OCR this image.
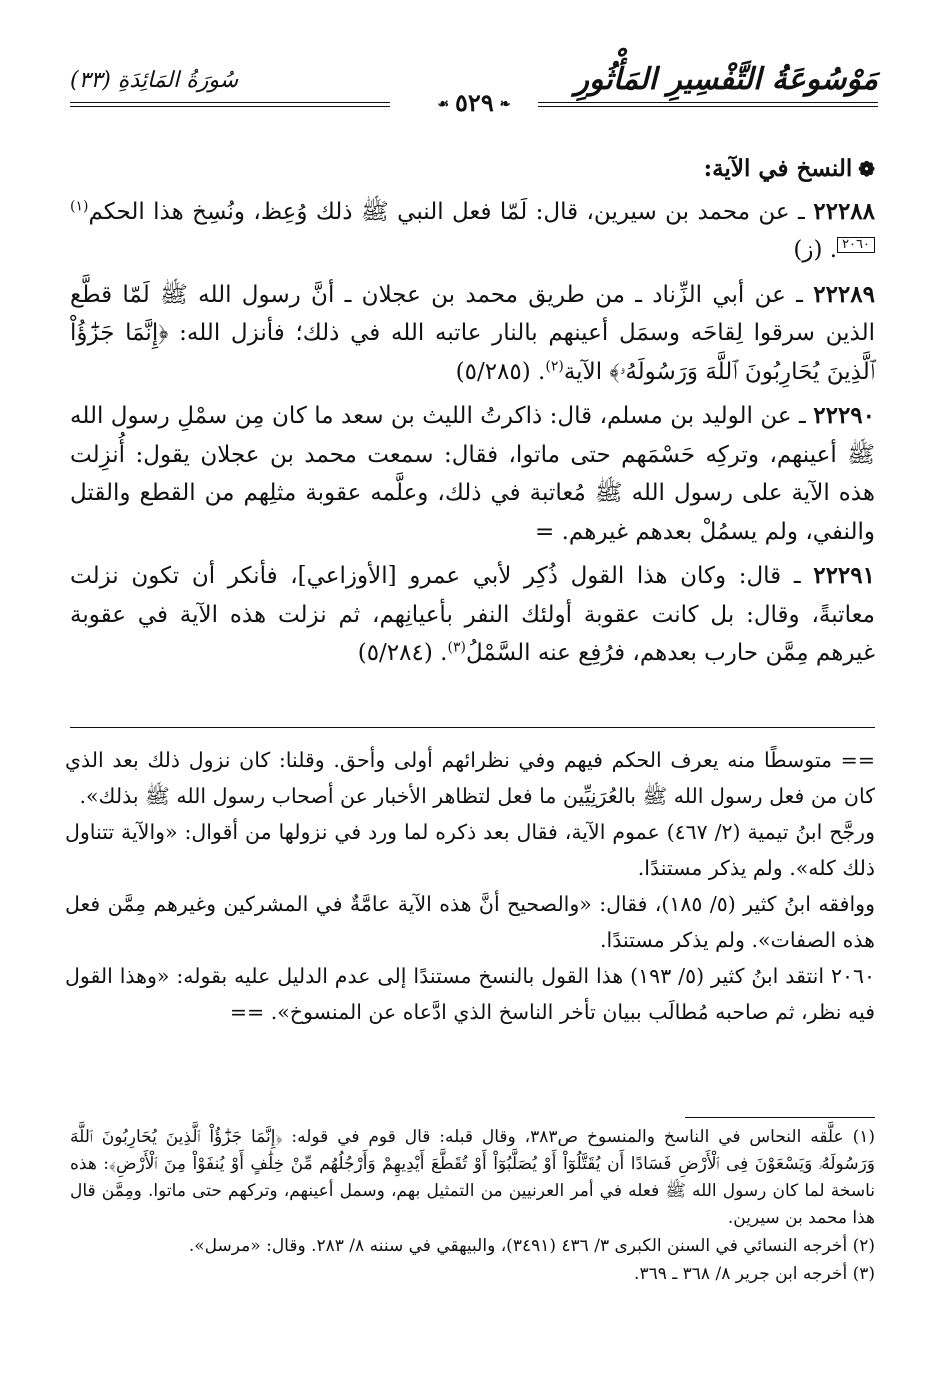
مَوْسُوعَةُ التَّفْسِيرِ المَأْثُورِ
❧٥٢٩☙
سُورَةُ المَائِدَةِ (٣٣)
❁النسخ في الآية:

٢٢٢٨٨ ـ عن محمد بن سيرين، قال: لَمّا فعل النبي ﷺ ذلك وُعِظ، ونُسِخ هذا الحكم$^{(١)}$٢٠٦٠. (ز)

٢٢٢٨٩ ـ عن أبي الزِّناد ـ من طريق محمد بن عجلان ـ أنَّ رسول الله ﷺ لَمّا قطَّع الذين سرقوا لِقاحَه وسمَل أعينهم بالنار عاتبه الله في ذلك؛ فأنزل الله: ﴿إِنَّمَا جَزَٰٓؤُاْ ٱلَّذِينَ يُحَارِبُونَ ٱللَّهَ وَرَسُولَهُۥ﴾ الآية$^{(٢)}$. (٥/٢٨٥)

٢٢٢٩٠ ـ عن الوليد بن مسلم، قال: ذاكرتُ الليث بن سعد ما كان مِن سمْلِ رسول الله ﷺ أعينهم، وتركِه حَسْمَهم حتى ماتوا، فقال: سمعت محمد بن عجلان يقول: أُنزِلت هذه الآية على رسول الله ﷺ مُعاتبة في ذلك، وعلَّمه عقوبة مثلِهم من القطع والقتل والنفي، ولم يسمُلْ بعدهم غيرهم. =

٢٢٢٩١ ـ قال: وكان هذا القول ذُكِر لأبي عمرو [الأوزاعي]، فأنكر أن تكون نزلت معاتبةً، وقال: بل كانت عقوبة أولئك النفر بأعيانِهم، ثم نزلت هذه الآية في عقوبة غيرهم مِمَّن حارب بعدهم، فرُفِع عنه السَّمْلُ$^{(٣)}$. (٥/٢٨٤)

== متوسطًا منه يعرف الحكم فيهم وفي نظرائهم أولى وأحق. وقلنا: كان نزول ذلك بعد الذي كان من فعل رسول الله ﷺ بالعُرَنِيِّين ما فعل لتظاهر الأخبار عن أصحاب رسول الله ﷺ بذلك».

ورجَّح ابنُ تيمية (٢/ ٤٦٧) عموم الآية، فقال بعد ذكره لما ورد في نزولها من أقوال: «والآية تتناول ذلك كله». ولم يذكر مستندًا.

ووافقه ابنُ كثير (٥/ ١٨٥)، فقال: «والصحيح أنَّ هذه الآية عامَّةٌ في المشركين وغيرهم مِمَّن فعل هذه الصفات». ولم يذكر مستندًا.

٢٠٦٠ انتقد ابنُ كثير (٥/ ١٩٣) هذا القول بالنسخ مستندًا إلى عدم الدليل عليه بقوله: «وهذا القول فيه نظر، ثم صاحبه مُطالَب ببيان تأخر الناسخ الذي ادَّعاه عن المنسوخ». ==

(١) علَّقه النحاس في الناسخ والمنسوخ ص٣٨٣، وقال قبله: قال قوم في قوله: ﴿إِنَّمَا جَزَٰٓؤُاْ ٱلَّذِينَ يُحَارِبُونَ ٱللَّهَ وَرَسُولَهُۥ وَيَسْعَوْنَ فِى ٱلْأَرْضِ فَسَادًا أَن يُقَتَّلُوٓاْ أَوْ يُصَلَّبُوٓاْ أَوْ تُقَطَّعَ أَيْدِيهِمْ وَأَرْجُلُهُم مِّنْ خِلَٰفٍ أَوْ يُنفَوْاْ مِنَ ٱلْأَرْضِ﴾: هذه ناسخة لما كان رسول الله ﷺ فعله في أمر العرنيين من التمثيل بهم، وسمل أعينهم، وتركهم حتى ماتوا. ومِمَّن قال هذا محمد بن سيرين.

(٢) أخرجه النسائي في السنن الكبرى ٣/ ٤٣٦ (٣٤٩١)، والبيهقي في سننه ٨/ ٢٨٣. وقال: «مرسل».

(٣) أخرجه ابن جرير ٨/ ٣٦٨ ـ ٣٦٩.
